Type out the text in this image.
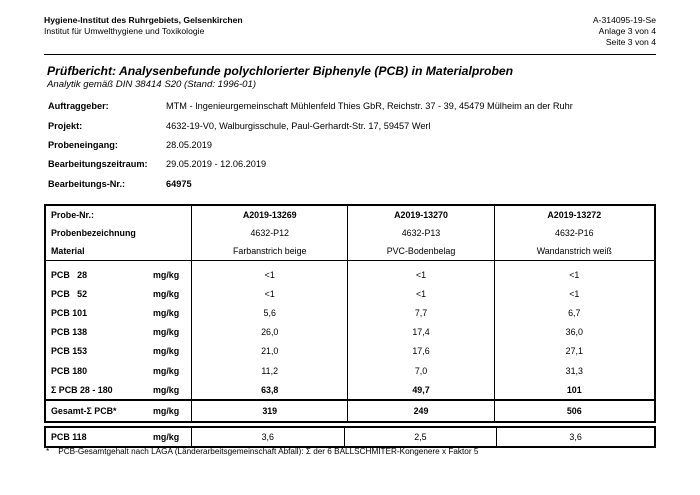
Hygiene-Institut des Ruhrgebiets, Gelsenkirchen
Institut für Umwelthygiene und Toxikologie
A-314095-19-Se
Anlage 3 von 4
Seite 3 von 4
Prüfbericht: Analysenbefunde polychlorierter Biphenyle (PCB) in Materialproben
Analytik gemäß DIN 38414 S20 (Stand: 1996-01)
Auftraggeber:	MTM - Ingenieurgemeinschaft Mühlenfeld Thies GbR, Reichstr. 37 - 39, 45479 Mülheim an der Ruhr
Projekt:	4632-19-V0, Walburgisschule, Paul-Gerhardt-Str. 17, 59457 Werl
Probeneingang:	28.05.2019
Bearbeitungszeitraum: 29.05.2019 - 12.06.2019
Bearbeitungs-Nr.:	64975
Probe-Nr.:		A2019-13269	A2019-13270	A2019-13272
Probenbezeichnung		4632-P12	4632-P13	4632-P16
Material		Farbanstrich beige	PVC-Bodenbelag	Wandanstrich weiß

PCB   28	mg/kg	<1	<1	<1
PCB   52	mg/kg	<1	<1	<1
PCB 101	mg/kg	5,6	7,7	6,7
PCB 138	mg/kg	26,0	17,4	36,0
PCB 153	mg/kg	21,0	17,6	27,1
PCB 180	mg/kg	11,2	7,0	31,3
Σ PCB 28 - 180	mg/kg	63,8	49,7	101
Gesamt-Σ PCB*	mg/kg	319	249	506
PCB 118	mg/kg	3,6	2,5	3,6
*    PCB-Gesamtgehalt nach LAGA (Länderarbeitsgemeinschaft Abfall): Σ der 6 BALLSCHMITER-Kongenere x Faktor 5
